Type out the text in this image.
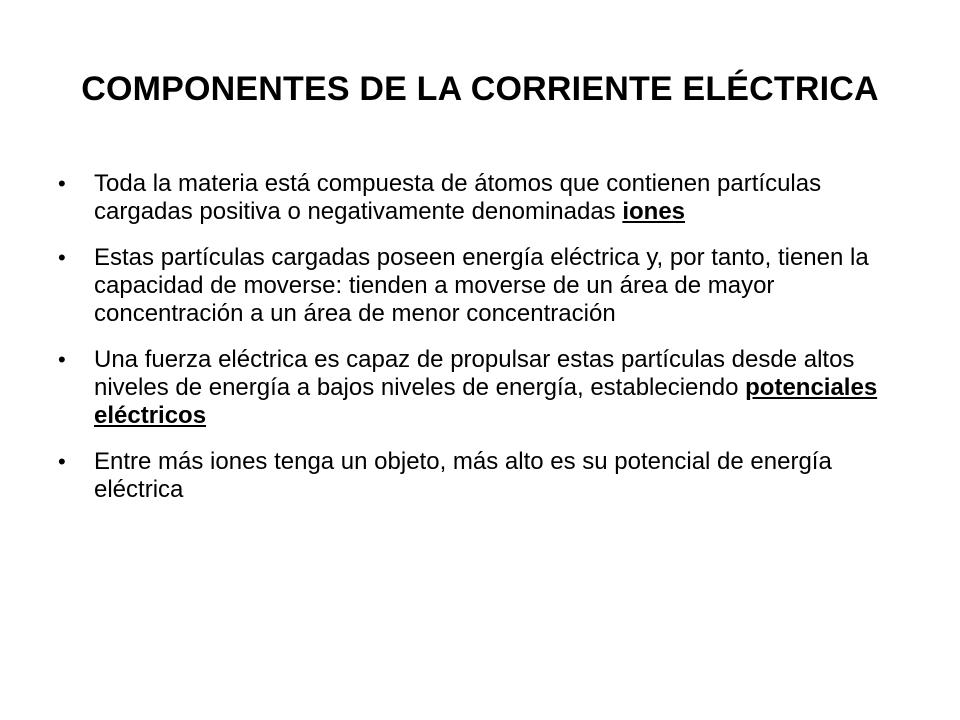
COMPONENTES DE LA CORRIENTE ELÉCTRICA
• Toda la materia está compuesta de átomos que contienen partículas cargadas positiva o negativamente denominadas iones
• Estas partículas cargadas poseen energía eléctrica y, por tanto, tienen la capacidad de moverse: tienden a moverse de un área de mayor concentración a un área de menor concentración
• Una fuerza eléctrica es capaz de propulsar estas partículas desde altos niveles de energía a bajos niveles de energía, estableciendo potenciales eléctricos
• Entre más iones tenga un objeto, más alto es su potencial de energía eléctrica
